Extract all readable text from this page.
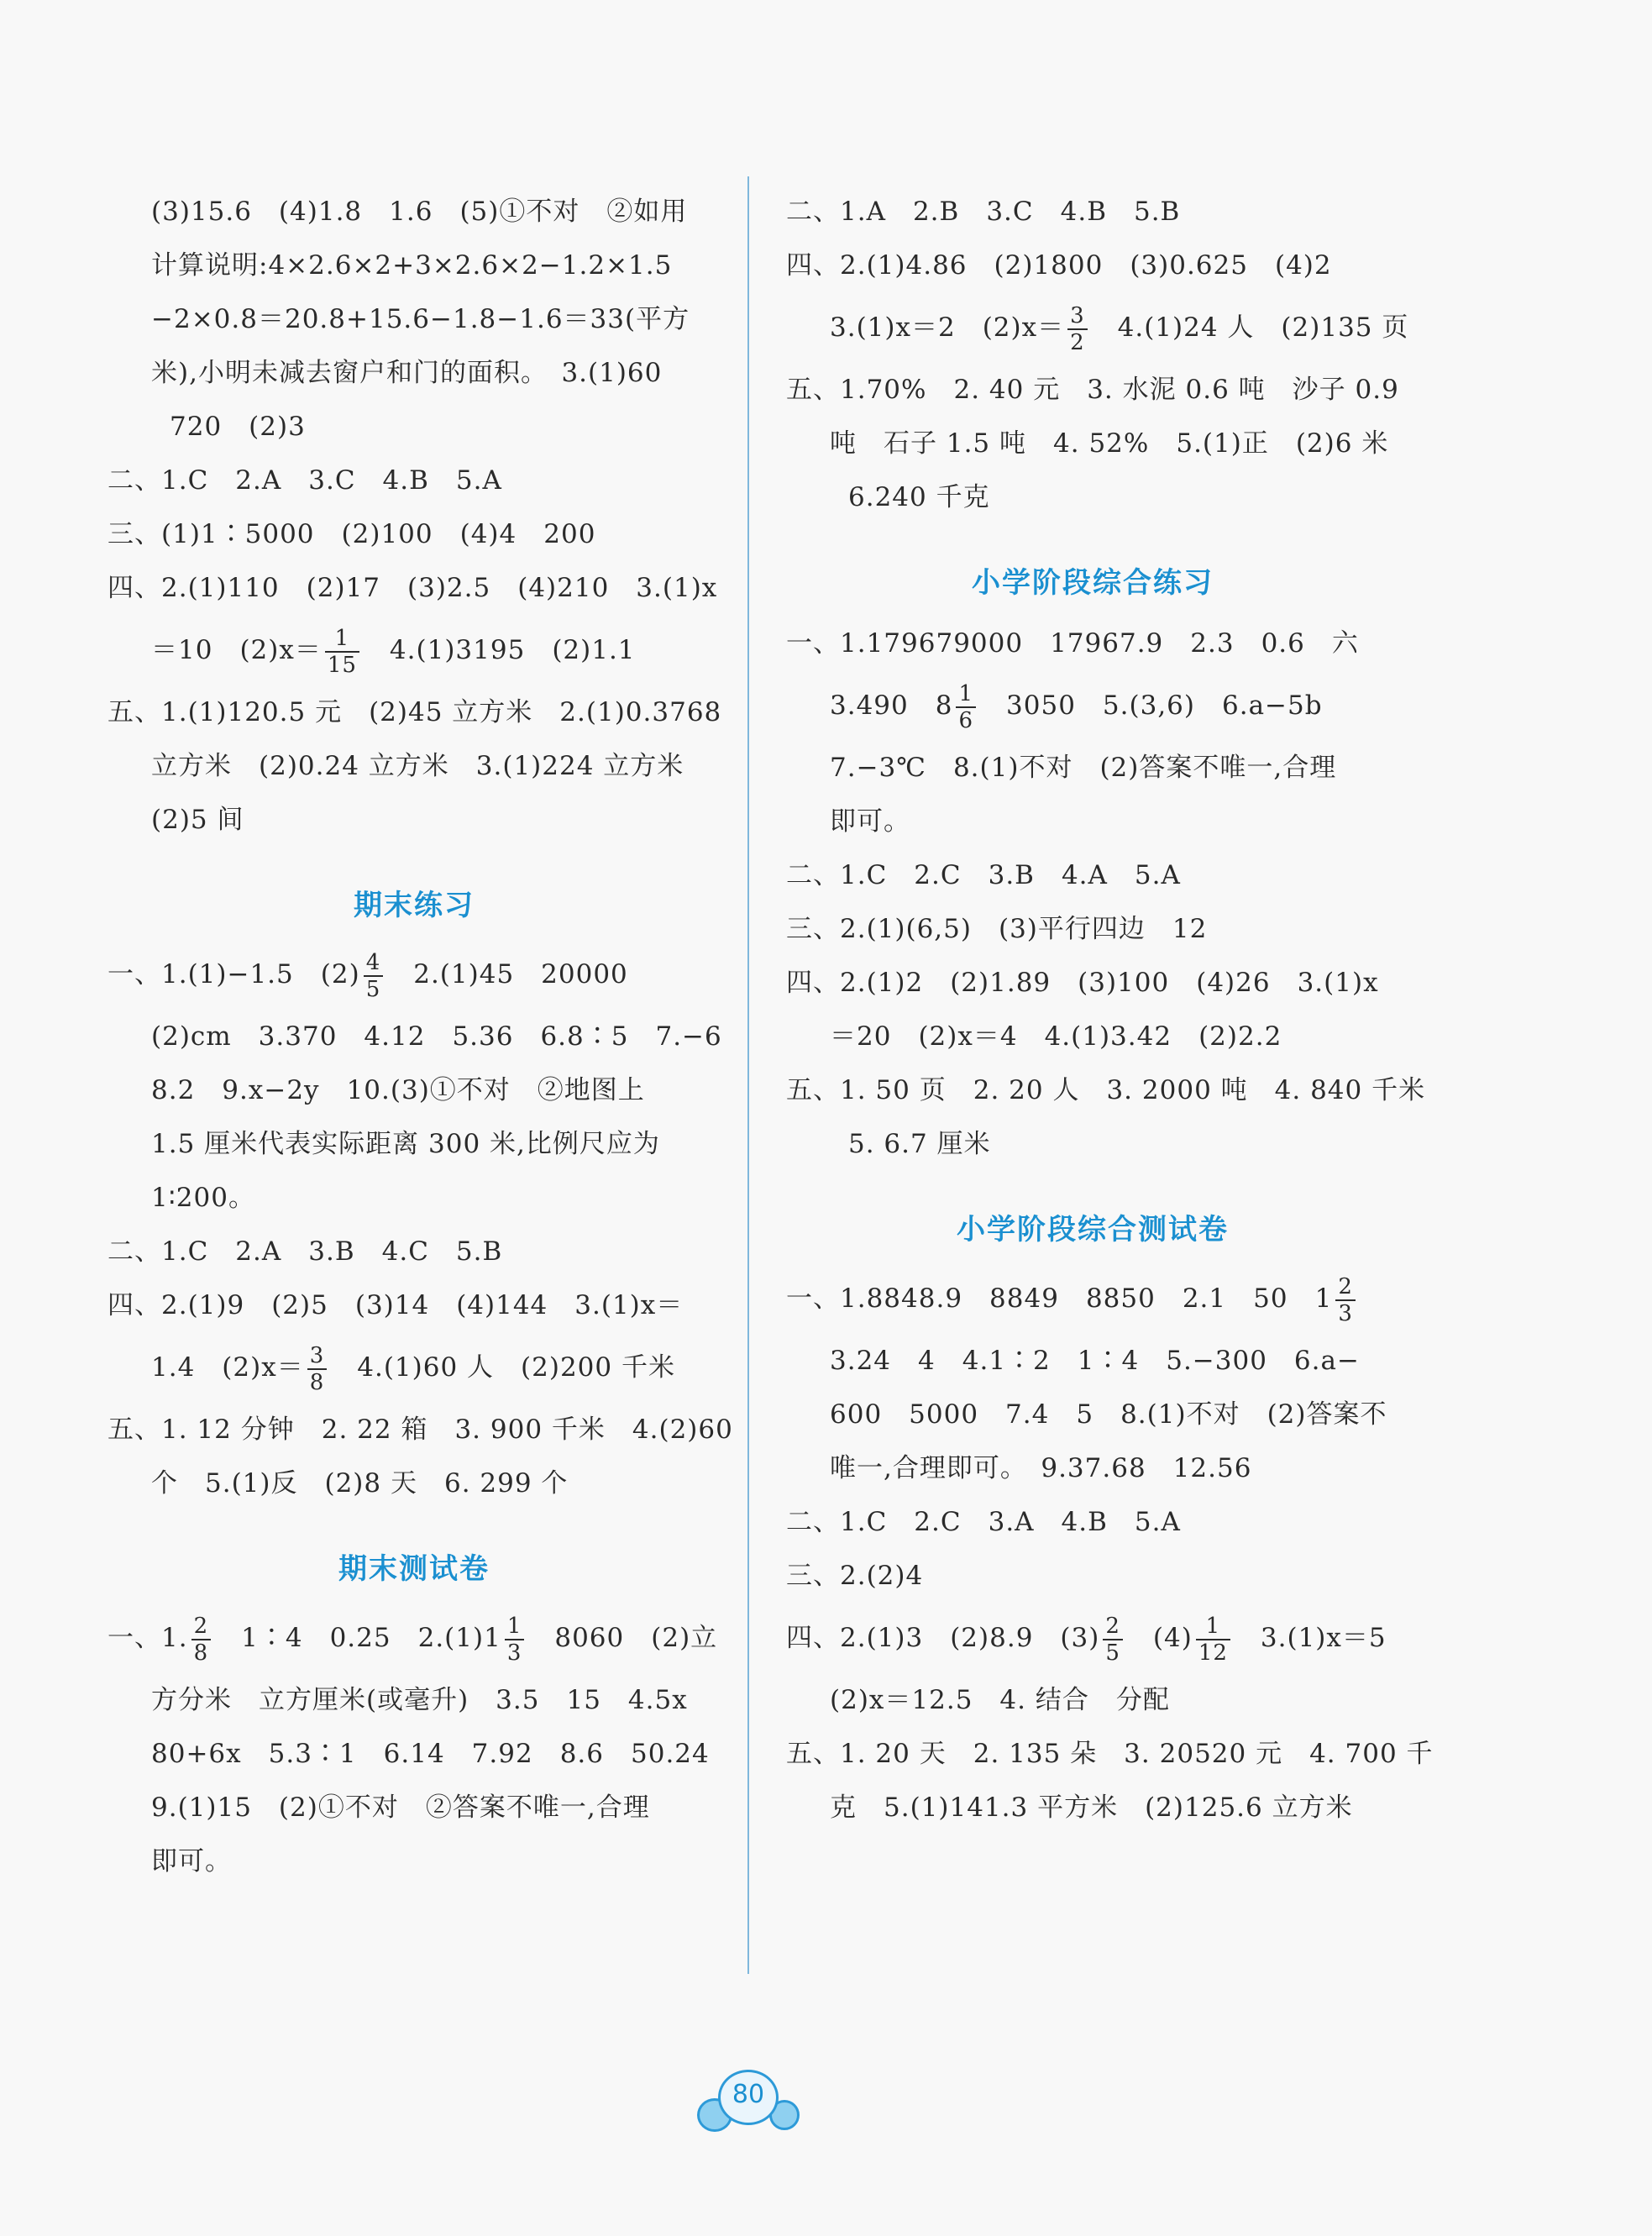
(3)15.6　(4)1.8　1.6　(5)①不对　②如用
计算说明:4×2.6×2+3×2.6×2−1.2×1.5
−2×0.8＝20.8+15.6−1.8−1.6＝33(平方
米),小明未减去窗户和门的面积。　3.(1)60
720　(2)3
二、1.C　2.A　3.C　4.B　5.A
三、(1)1∶5000　(2)100　(4)4　200
四、2.(1)110　(2)17　(3)2.5　(4)210　3.(1)x
＝10　$(2)x= \frac{1}{15}$ 　4.(1)3195　(2)1.1
五、1.(1)120.5 元　(2)45 立方米　2.(1)0.3768
立方米　(2)0.24 立方米　3.(1)224 立方米
(2)5 间
期末练习
一、1.(1)−1.5　$(2) \frac{4}{5}$ 　2.(1)45　20000
(2)cm　3.370　4.12　5.36　6.8∶5　7.−6
8.2　9.x−2y　10.(3)①不对　②地图上
1.5 厘米代表实际距离 300 米,比例尺应为
1∶200。
二、1.C　2.A　3.B　4.C　5.B
四、2.(1)9　(2)5　(3)14　(4)144　3.(1)x＝
1.4　$(2)x= \frac{3}{8}$ 　4.(1)60 人　(2)200 千米
五、1. 12 分钟　2. 22 箱　3. 900 千米　4.(2)60
个　5.(1)反　(2)8 天　6. 299 个
期末测试卷
一、1. $\frac{2}{8}$ 　1∶4　0.25　$2.(1)1 \frac{1}{3}$ 　8060　(2)立
方分米　立方厘米(或毫升)　3.5　15　4.5x
80+6x　5.3∶1　6.14　7.92　8.6　50.24
9.(1)15　(2)①不对　②答案不唯一,合理
即可。
二、1.A　2.B　3.C　4.B　5.B
四、2.(1)4.86　(2)1800　(3)0.625　(4)2
3.(1)x＝2　$(2)x= \frac{3}{2}$ 　4.(1)24 人　(2)135 页
五、1.70%　2. 40 元　3. 水泥 0.6 吨　沙子 0.9
吨　石子 1.5 吨　4. 52%　5.(1)正　(2)6 米
6.240 千克
小学阶段综合练习
一、1.179679000　17967.9　2.3　0.6　六
3.490　$8 \frac{1}{6}$ 　3050　5.(3,6)　6.a−5b
7.−3℃　8.(1)不对　(2)答案不唯一,合理
即可。
二、1.C　2.C　3.B　4.A　5.A
三、2.(1)(6,5)　(3)平行四边　12
四、2.(1)2　(2)1.89　(3)100　(4)26　3.(1)x
＝20　(2)x＝4　4.(1)3.42　(2)2.2
五、1. 50 页　2. 20 人　3. 2000 吨　4. 840 千米
5. 6.7 厘米
小学阶段综合测试卷
一、1.8848.9　8849　8850　2.1　50　$1 \frac{2}{3}$
3.24　4　4.1∶2　1∶4　5.−300　6.a−
600　5000　7.4　5　8.(1)不对　(2)答案不
唯一,合理即可。　9.37.68　12.56
二、1.C　2.C　3.A　4.B　5.A
三、2.(2)4
四、2.(1)3　(2)8.9　$(3) \frac{2}{5}$ 　$(4) \frac{1}{12}$ 　3.(1)x＝5
(2)x＝12.5　4. 结合　分配
五、1. 20 天　2. 135 朵　3. 20520 元　4. 700 千
克　5.(1)141.3 平方米　(2)125.6 立方米
80
